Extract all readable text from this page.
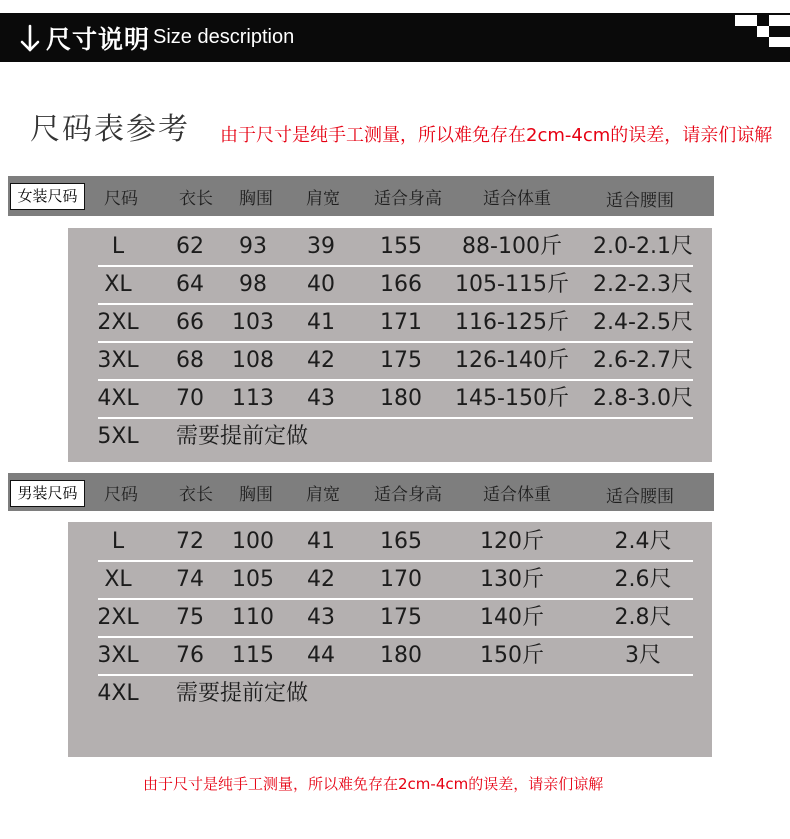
尺寸说明 Size description
尺码表参考 由于尺寸是纯手工测量，所以难免存在2cm-4cm的误差，请亲们谅解
女装尺码	尺码	衣长	胸围	肩宽	适合身高	适合体重	适合腰围
L	62	93	39	155	88-100斤	2.0-2.1尺
XL	64	98	40	166	105-115斤	2.2-2.3尺
2XL	66	103	41	171	116-125斤	2.4-2.5尺
3XL	68	108	42	175	126-140斤	2.6-2.7尺
4XL	70	113	43	180	145-150斤	2.8-3.0尺
5XL	需要提前定做
男装尺码	尺码	衣长	胸围	肩宽	适合身高	适合体重	适合腰围
L	72	100	41	165	120斤	2.4尺
XL	74	105	42	170	130斤	2.6尺
2XL	75	110	43	175	140斤	2.8尺
3XL	76	115	44	180	150斤	3尺
4XL	需要提前定做
由于尺寸是纯手工测量，所以难免存在2cm-4cm的误差，请亲们谅解
